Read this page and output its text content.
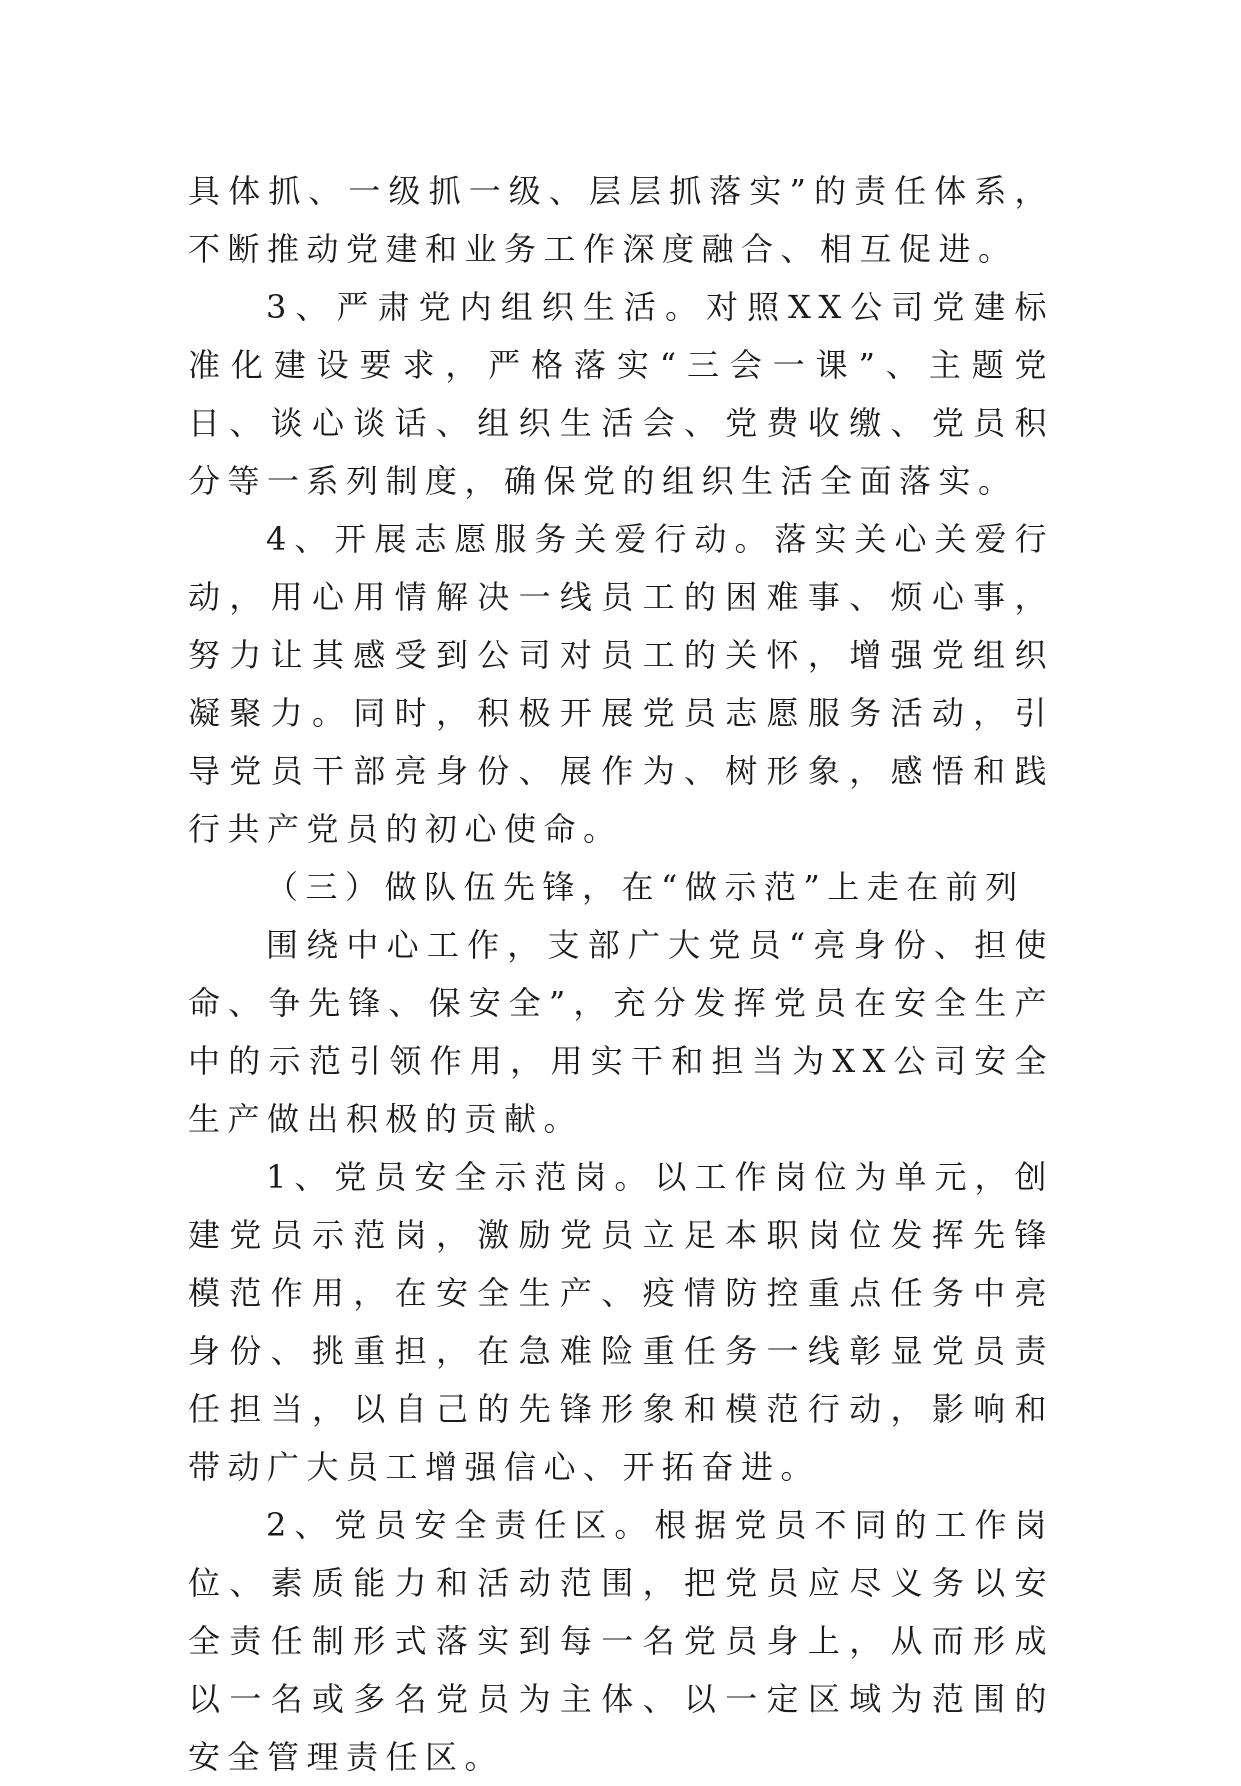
具体抓、一级抓一级、层层抓落实”的责任体系，不断推动党建和业务工作深度融合、相互促进。

3、严肃党内组织生活。对照XX公司党建标准化建设要求，严格落实“三会一课”、主题党日、谈心谈话、组织生活会、党费收缴、党员积分等一系列制度，确保党的组织生活全面落实。

4、开展志愿服务关爱行动。落实关心关爱行动，用心用情解决一线员工的困难事、烦心事，努力让其感受到公司对员工的关怀，增强党组织凝聚力。同时，积极开展党员志愿服务活动，引导党员干部亮身份、展作为、树形象，感悟和践行共产党员的初心使命。

（三）做队伍先锋，在“做示范”上走在前列

围绕中心工作，支部广大党员“亮身份、担使命、争先锋、保安全”，充分发挥党员在安全生产中的示范引领作用，用实干和担当为XX公司安全生产做出积极的贡献。

1、党员安全示范岗。以工作岗位为单元，创建党员示范岗，激励党员立足本职岗位发挥先锋模范作用，在安全生产、疫情防控重点任务中亮身份、挑重担，在急难险重任务一线彰显党员责任担当，以自己的先锋形象和模范行动，影响和带动广大员工增强信心、开拓奋进。

2、党员安全责任区。根据党员不同的工作岗位、素质能力和活动范围，把党员应尽义务以安全责任制形式落实到每一名党员身上，从而形成以一名或多名党员为主体、以一定区域为范围的安全管理责任区。
